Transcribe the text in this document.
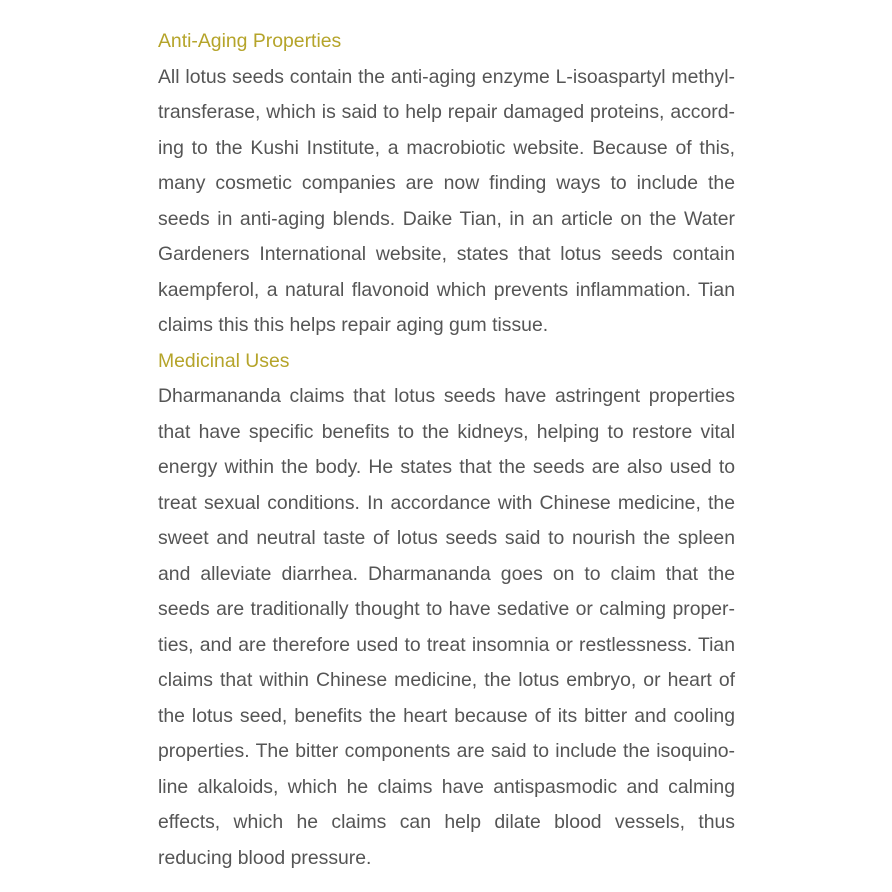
Anti-Aging Properties

All lotus seeds contain the anti-aging enzyme L-isoaspartyl methyltransferase, which is said to help repair damaged proteins, according to the Kushi Institute, a macrobiotic website. Because of this, many cosmetic companies are now finding ways to include the seeds in anti-aging blends. Daike Tian, in an article on the Water Gardeners International website, states that lotus seeds contain kaempferol, a natural flavonoid which prevents inflammation. Tian claims this this helps repair aging gum tissue.

Medicinal Uses

Dharmananda claims that lotus seeds have astringent properties that have specific benefits to the kidneys, helping to restore vital energy within the body. He states that the seeds are also used to treat sexual conditions. In accordance with Chinese medicine, the sweet and neutral taste of lotus seeds said to nourish the spleen and alleviate diarrhea. Dharmananda goes on to claim that the seeds are traditionally thought to have sedative or calming properties, and are therefore used to treat insomnia or restlessness. Tian claims that within Chinese medicine, the lotus embryo, or heart of the lotus seed, benefits the heart because of its bitter and cooling properties. The bitter components are said to include the isoquinoline alkaloids, which he claims have antispasmodic and calming effects, which he claims can help dilate blood vessels, thus reducing blood pressure.
